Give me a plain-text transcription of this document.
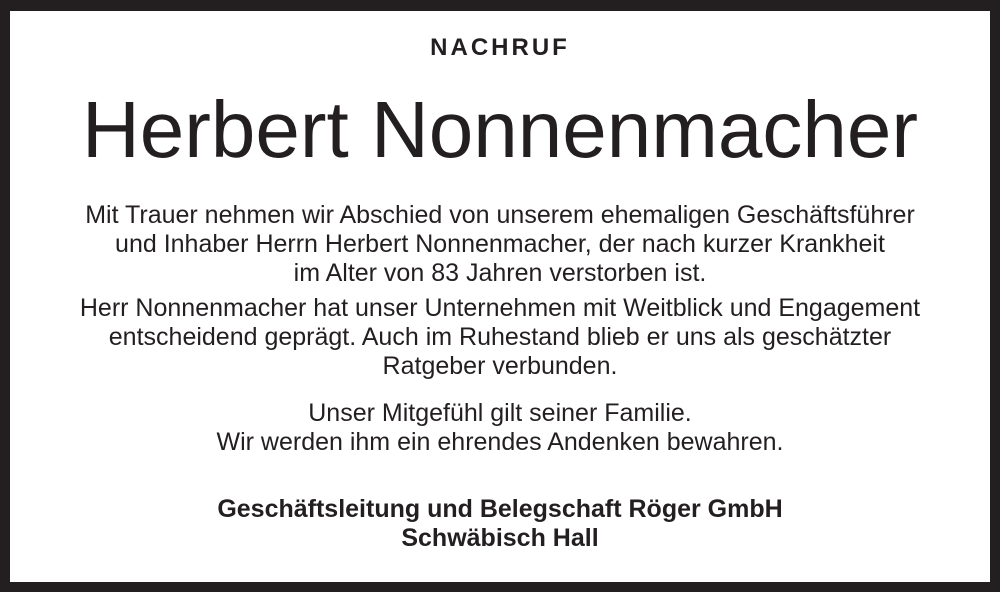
NACHRUF
Herbert Nonnenmacher
Mit Trauer nehmen wir Abschied von unserem ehemaligen Geschäftsführer
und Inhaber Herrn Herbert Nonnenmacher, der nach kurzer Krankheit
im Alter von 83 Jahren verstorben ist.
Herr Nonnenmacher hat unser Unternehmen mit Weitblick und Engagement
entscheidend geprägt. Auch im Ruhestand blieb er uns als geschätzter
Ratgeber verbunden.
Unser Mitgefühl gilt seiner Familie.
Wir werden ihm ein ehrendes Andenken bewahren.
Geschäftsleitung und Belegschaft Röger GmbH
Schwäbisch Hall
